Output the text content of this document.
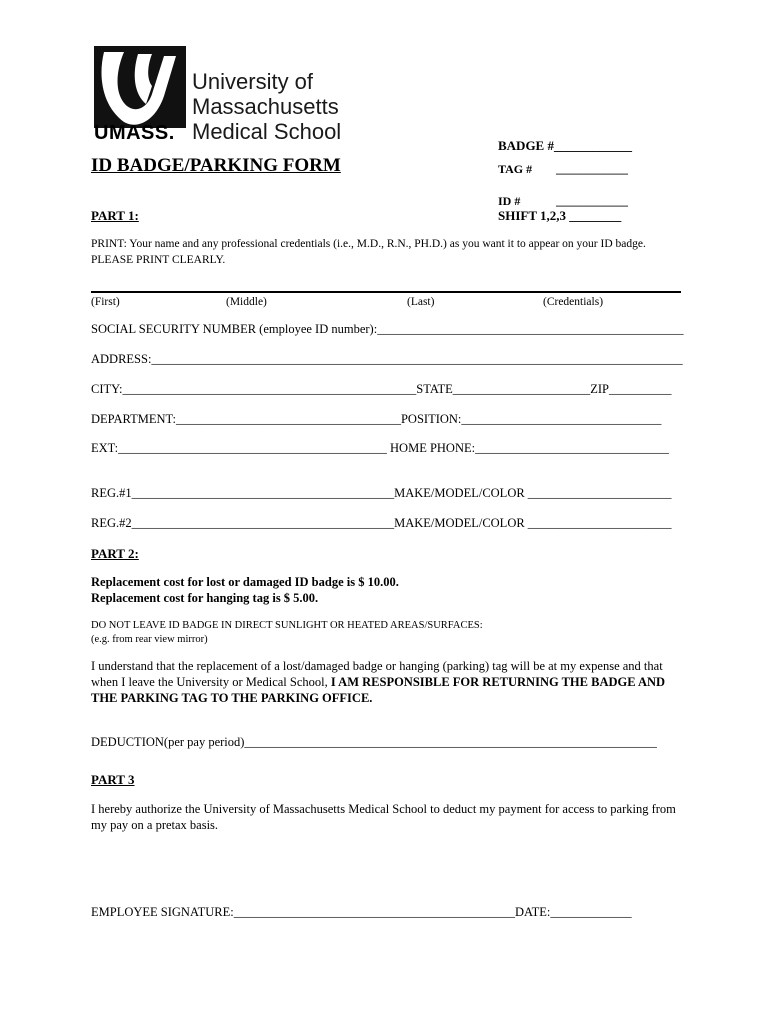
University of
Massachusetts
UMASS. Medical School
BADGE #____________
TAG # ____________
ID #	____________
SHIFT 1,2,3 ________
ID BADGE/PARKING FORM
PART 1:
PRINT: Your name and any professional credentials (i.e., M.D., R.N., PH.D.) as you want it to appear on your ID badge.
PLEASE PRINT CLEARLY.
(First)	(Middle)	(Last)	(Credentials)
SOCIAL SECURITY NUMBER (employee ID number):_________________________________________________
ADDRESS:_____________________________________________________________________________________
CITY:_______________________________________________STATE______________________ZIP__________
DEPARTMENT:____________________________________POSITION:________________________________
EXT:___________________________________________ HOME PHONE:_______________________________
REG.#1__________________________________________MAKE/MODEL/COLOR _______________________
REG.#2__________________________________________MAKE/MODEL/COLOR _______________________
PART 2:
Replacement cost for lost or damaged ID badge is $ 10.00.
Replacement cost for hanging tag is $ 5.00.
DO NOT LEAVE ID BADGE IN DIRECT SUNLIGHT OR HEATED AREAS/SURFACES:
(e.g. from rear view mirror)
I understand that the replacement of a lost/damaged badge or hanging (parking) tag will be at my expense and that when I leave the University or Medical School, I AM RESPONSIBLE FOR RETURNING THE BADGE AND THE PARKING TAG TO THE PARKING OFFICE.
DEDUCTION(per pay period)__________________________________________________________________
PART 3
I hereby authorize the University of Massachusetts Medical School to deduct my payment for access to parking from my pay on a pretax basis.
EMPLOYEE SIGNATURE:_____________________________________________DATE:_____________
